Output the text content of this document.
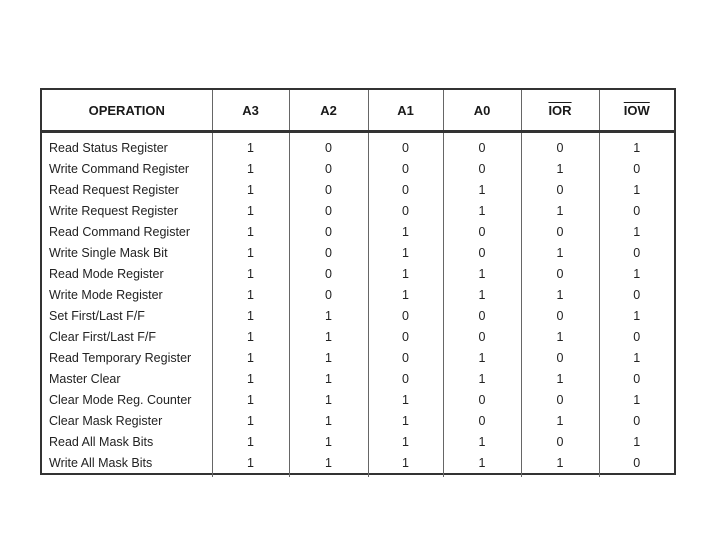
OPERATION	A3	A2	A1	A0	$\overline{IOR}$	$\overline{IOW}$
Read Status Register	1	0	0	0	0	1
Write Command Register	1	0	0	0	1	0
Read Request Register	1	0	0	1	0	1
Write Request Register	1	0	0	1	1	0
Read Command Register	1	0	1	0	0	1
Write Single Mask Bit	1	0	1	0	1	0
Read Mode Register	1	0	1	1	0	1
Write Mode Register	1	0	1	1	1	0
Set First/Last F/F	1	1	0	0	0	1
Clear First/Last F/F	1	1	0	0	1	0
Read Temporary Register	1	1	0	1	0	1
Master Clear	1	1	0	1	1	0
Clear Mode Reg. Counter	1	1	1	0	0	1
Clear Mask Register	1	1	1	0	1	0
Read All Mask Bits	1	1	1	1	0	1
Write All Mask Bits	1	1	1	1	1	0
